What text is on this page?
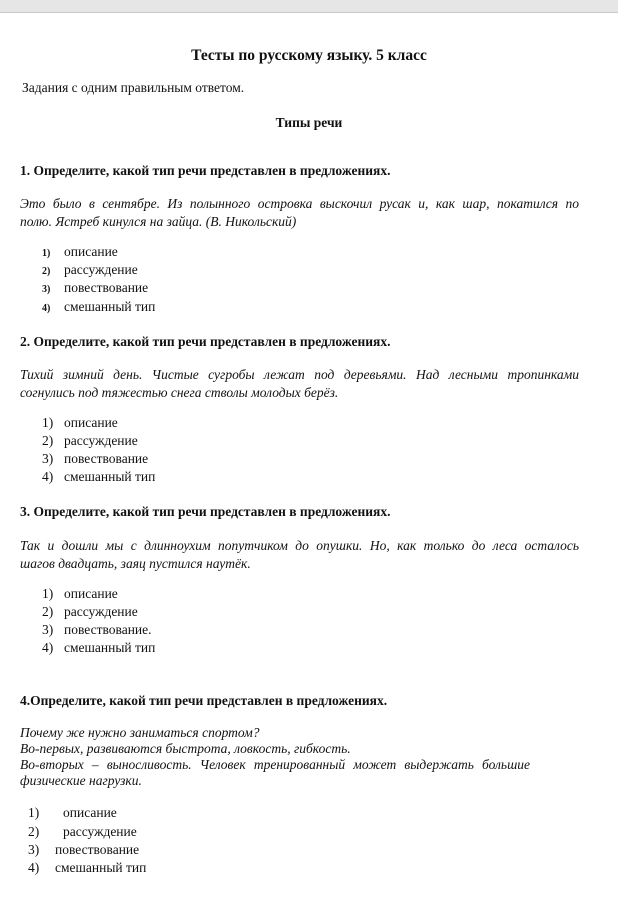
Тесты по русскому языку. 5 класс
Задания с одним правильным ответом.
Типы речи
1. Определите, какой тип речи представлен в предложениях.
Это было в сентябре. Из полынного островка выскочил русак и, как шар, покатился по
полю. Ястреб кинулся на зайца. (В. Никольский)
1) описание
2) рассуждение
3) повествование
4) смешанный тип
2. Определите, какой тип речи представлен в предложениях.
Тихий зимний день. Чистые сугробы лежат под деревьями. Над лесными тропинками
согнулись под тяжестью снега стволы молодых берёз.
1) описание
2) рассуждение
3) повествование
4) смешанный тип
3. Определите, какой тип речи представлен в предложениях.
Так и дошли мы с длинноухим попутчиком до опушки. Но, как только до леса осталось
шагов двадцать, заяц пустился наутёк.
1) описание
2) рассуждение
3) повествование.
4) смешанный тип
4.Определите, какой тип речи представлен в предложениях.
Почему же нужно заниматься спортом?
Во-первых, развиваются быстрота, ловкость, гибкость.
Во-вторых – выносливость. Человек тренированный может выдержать большие
физические нагрузки.
1) описание
2) рассуждение
3) повествование
4) смешанный тип
